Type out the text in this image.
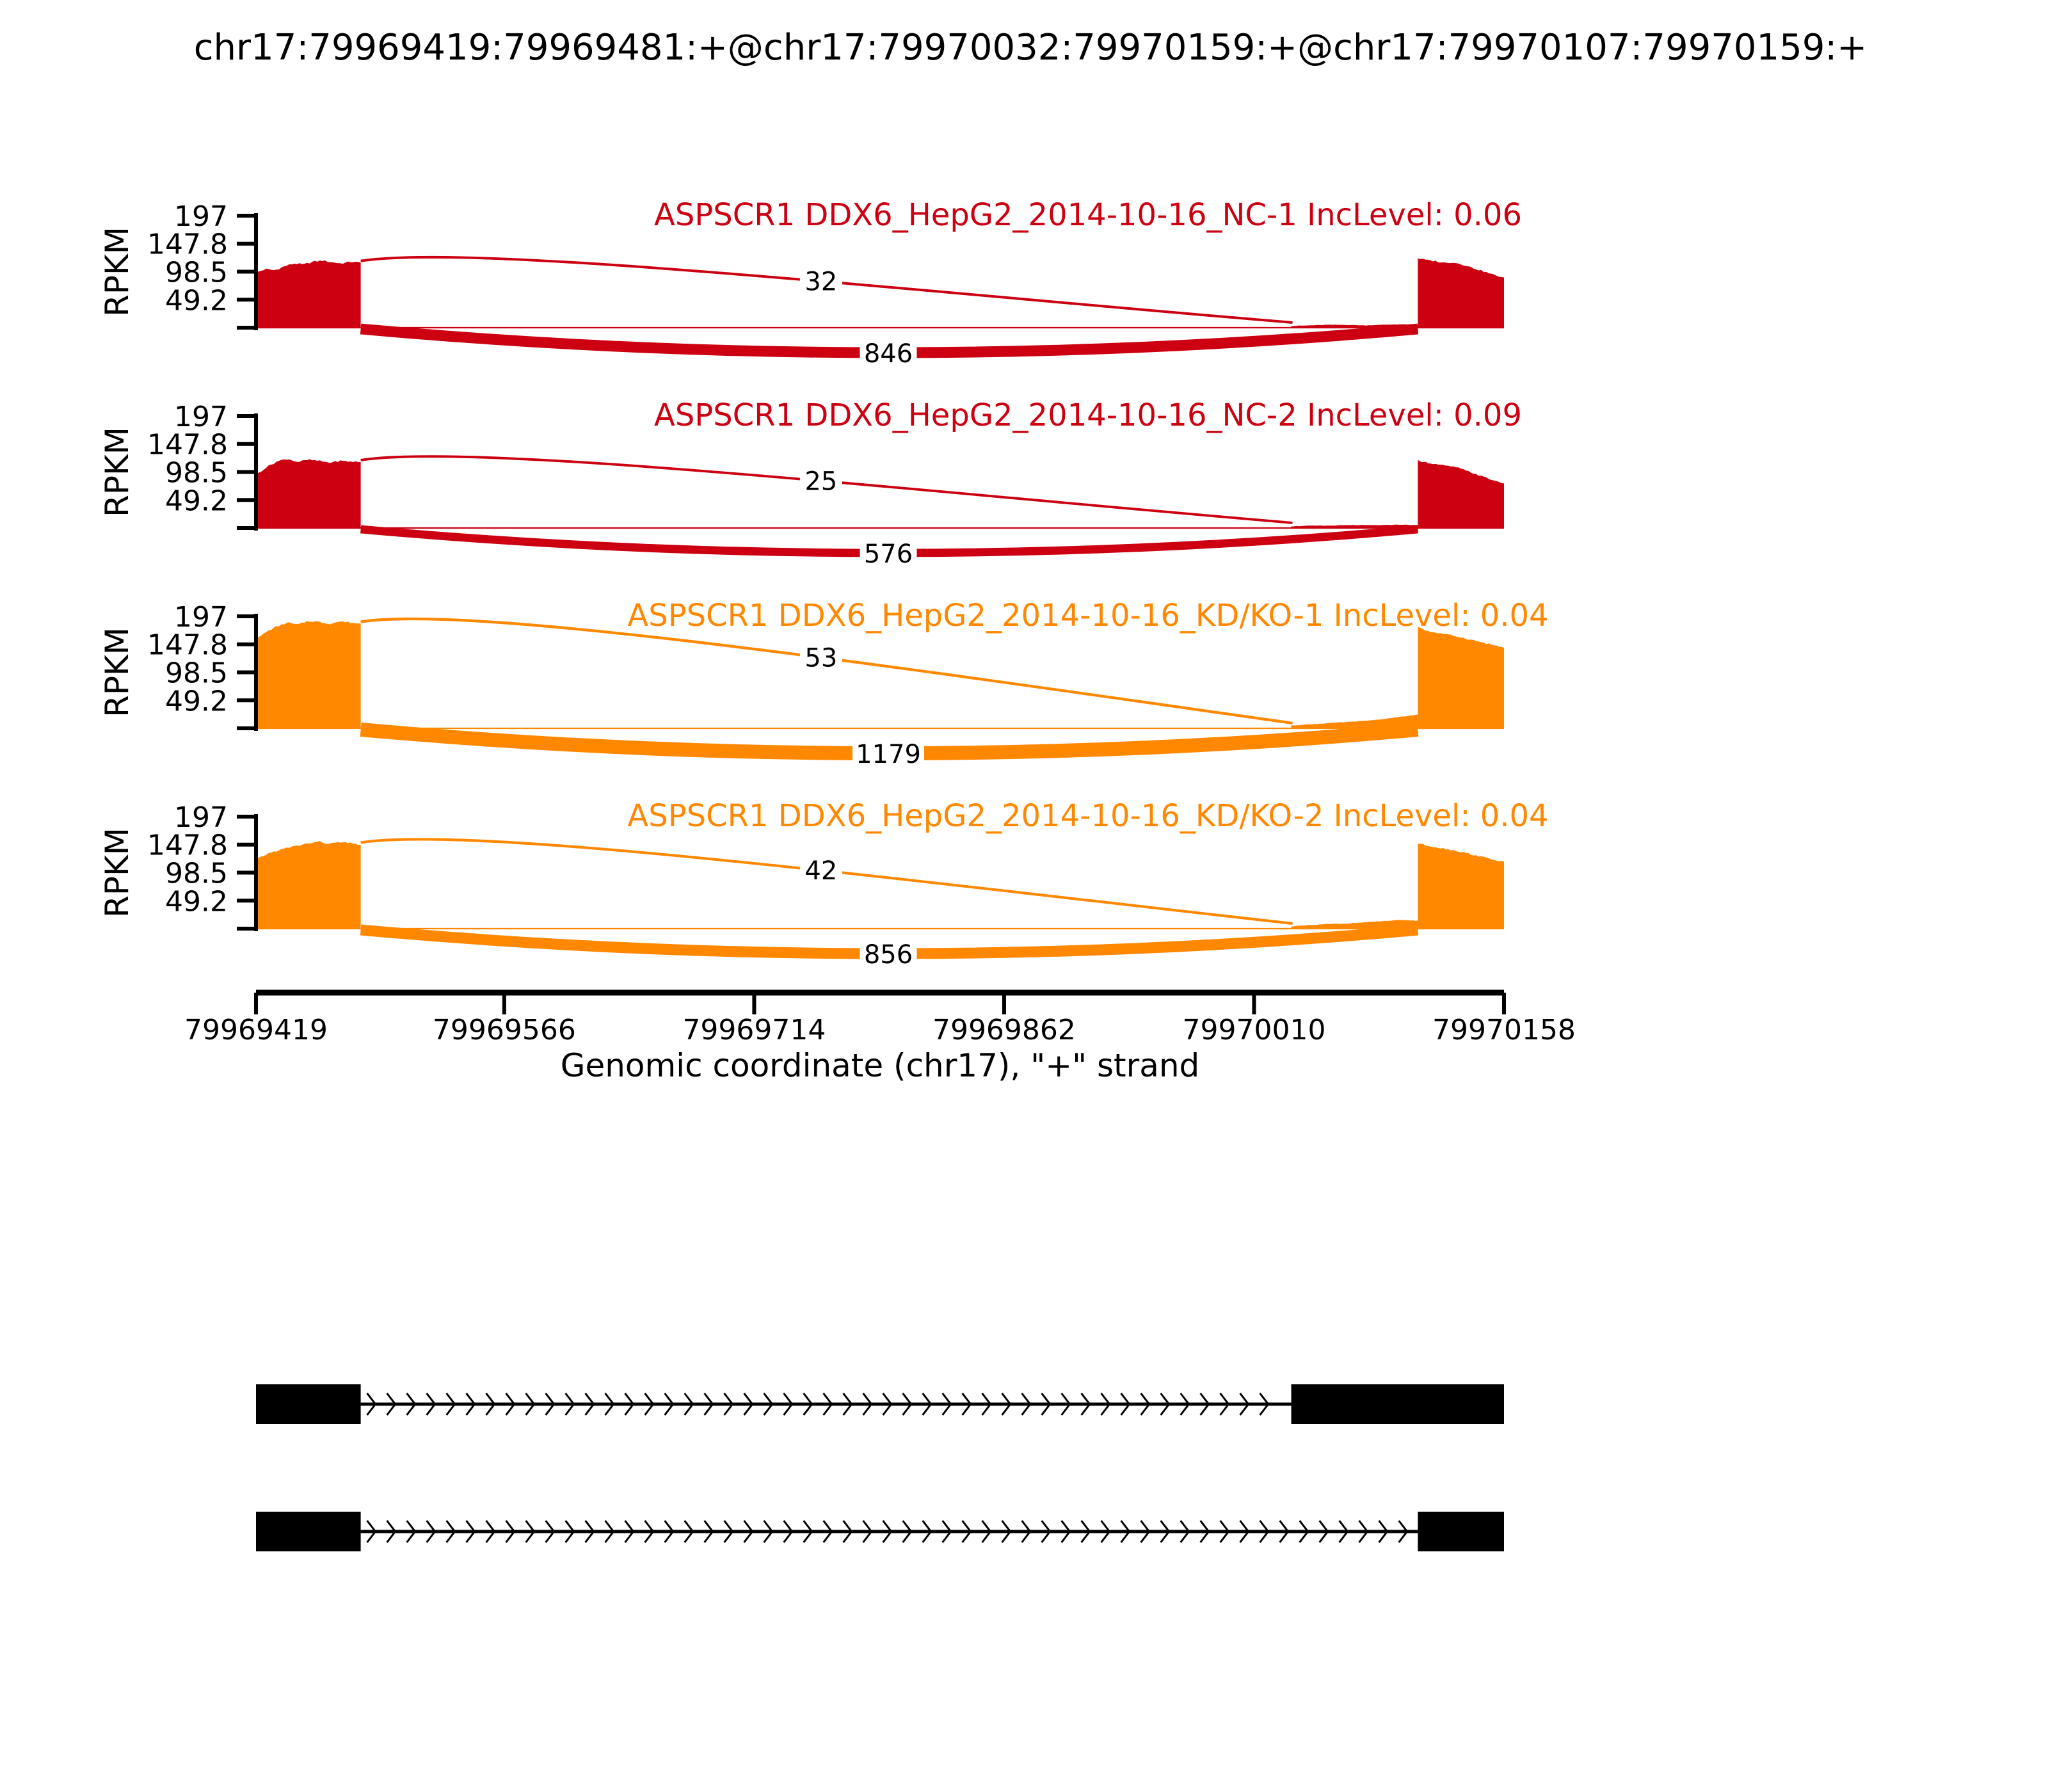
chr17:79969419:79969481:+@chr17:79970032:79970159:+@chr17:79970107:79970159:+
197
147.8
98.5
49.2
RPKM
ASPSCR1 DDX6_HepG2_2014-10-16_NC-1 IncLevel: 0.06
32
846
197
147.8
98.5
49.2
RPKM
ASPSCR1 DDX6_HepG2_2014-10-16_NC-2 IncLevel: 0.09
25
576
197
147.8
98.5
49.2
RPKM
ASPSCR1 DDX6_HepG2_2014-10-16_KD/KO-1 IncLevel: 0.04
53
1179
197
147.8
98.5
49.2
RPKM
ASPSCR1 DDX6_HepG2_2014-10-16_KD/KO-2 IncLevel: 0.04
42
856
79969419	79969566	79969714	79969862	79970010	79970158
Genomic coordinate (chr17), "+" strand
